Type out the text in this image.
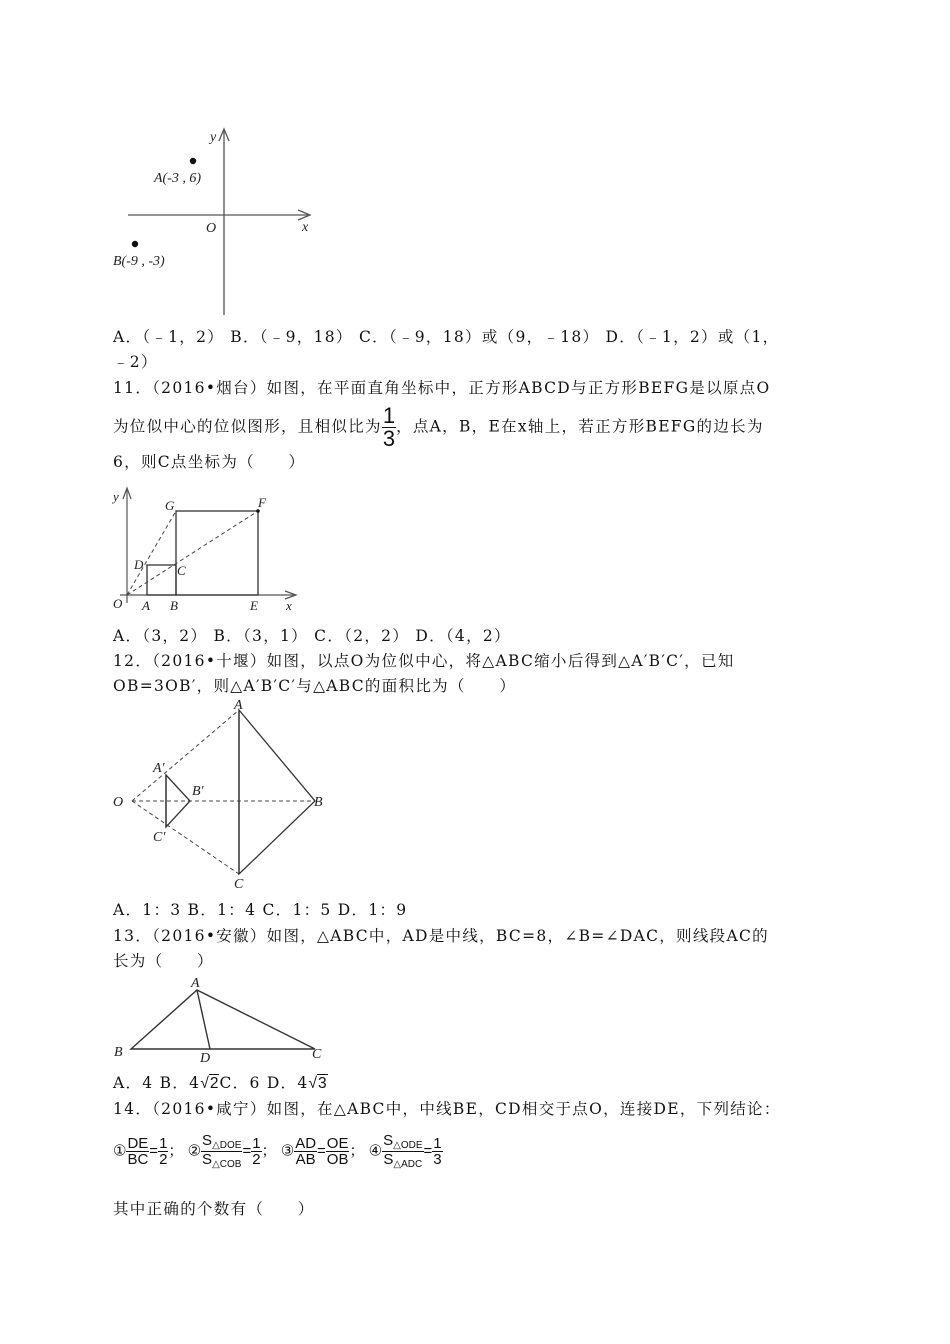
y
x
O
A(-3 , 6)
B(-9 , -3)
A．（﹣1，2） B．（﹣9，18） C．（﹣9，18）或（9，﹣18） D．（﹣1，2）或（1，
﹣2）
11．（2016•烟台）如图，在平面直角坐标中，正方形ABCD与正方形BEFG是以原点O
为位似中心的位似图形，且相似比为 $\frac{1}{3}$ ，点A，B，E在x轴上，若正方形BEFG的边长为
6，则C点坐标为（　　）
y
x
O A B	E
C
D
G	F
A．（3，2） B．（3，1） C．（2，2） D．（4，2）
12．（2016•十堰）如图，以点O为位似中心，将△ABC缩小后得到△A′B′C′，已知
OB=3OB′，则△A′B′C′与△ABC的面积比为（　　）
O
A
B
C
A′
B′
C′
A．1：3 B．1：4 C．1：5 D．1：9
13．（2016•安徽）如图，△ABC中，AD是中线，BC=8，∠B=∠DAC，则线段AC的
长为（　　）
A
B	C
D
A．4 B．4√2C．6 D．4√3
14．（2016•咸宁）如图，在△ABC中，中线BE，CD相交于点O，连接DE，下列结论：
① $\frac{DE}{BC} = \frac{1}{2}$ ； ② $\frac{S_{\triangle DOE}}{S_{\triangle COB}} = \frac{1}{2}$ ； ③ $\frac{AD}{AB} = \frac{OE}{OB}$ ； ④ $\frac{S_{\triangle ODE}}{S_{\triangle ADC}} = \frac{1}{3}$
其中正确的个数有（　　）
